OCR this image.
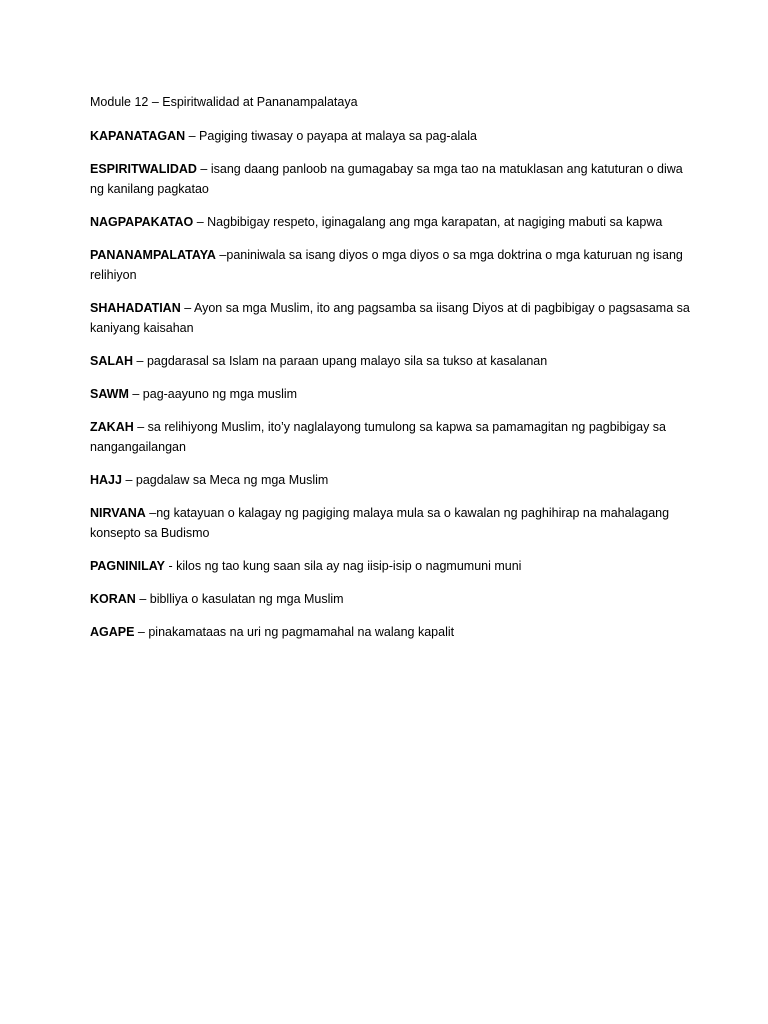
Module 12 – Espiritwalidad at Pananampalataya

KAPANATAGAN – Pagiging tiwasay o payapa at malaya sa pag-alala

ESPIRITWALIDAD – isang daang panloob na gumagabay sa mga tao na matuklasan ang katuturan o diwa ng kanilang pagkatao

NAGPAPAKATAO – Nagbibigay respeto, iginagalang ang mga karapatan, at nagiging mabuti sa kapwa

PANANAMPALATAYA –paniniwala sa isang diyos o mga diyos o sa mga doktrina o mga katuruan ng isang relihiyon

SHAHADATIAN – Ayon sa mga Muslim, ito ang pagsamba sa iisang Diyos at di pagbibigay o pagsasama sa kaniyang kaisahan

SALAH – pagdarasal sa Islam na paraan upang malayo sila sa tukso at kasalanan

SAWM – pag-aayuno ng mga muslim

ZAKAH – sa relihiyong Muslim, ito’y naglalayong tumulong sa kapwa sa pamamagitan ng pagbibigay sa nangangailangan

HAJJ – pagdalaw sa Meca ng mga Muslim

NIRVANA –ng katayuan o kalagay ng pagiging malaya mula sa o kawalan ng paghihirap na mahalagang konsepto sa Budismo

PAGNINILAY - kilos ng tao kung saan sila ay nag iisip-isip o nagmumuni muni

KORAN – biblliya o kasulatan ng mga Muslim

AGAPE – pinakamataas na uri ng pagmamahal na walang kapalit
